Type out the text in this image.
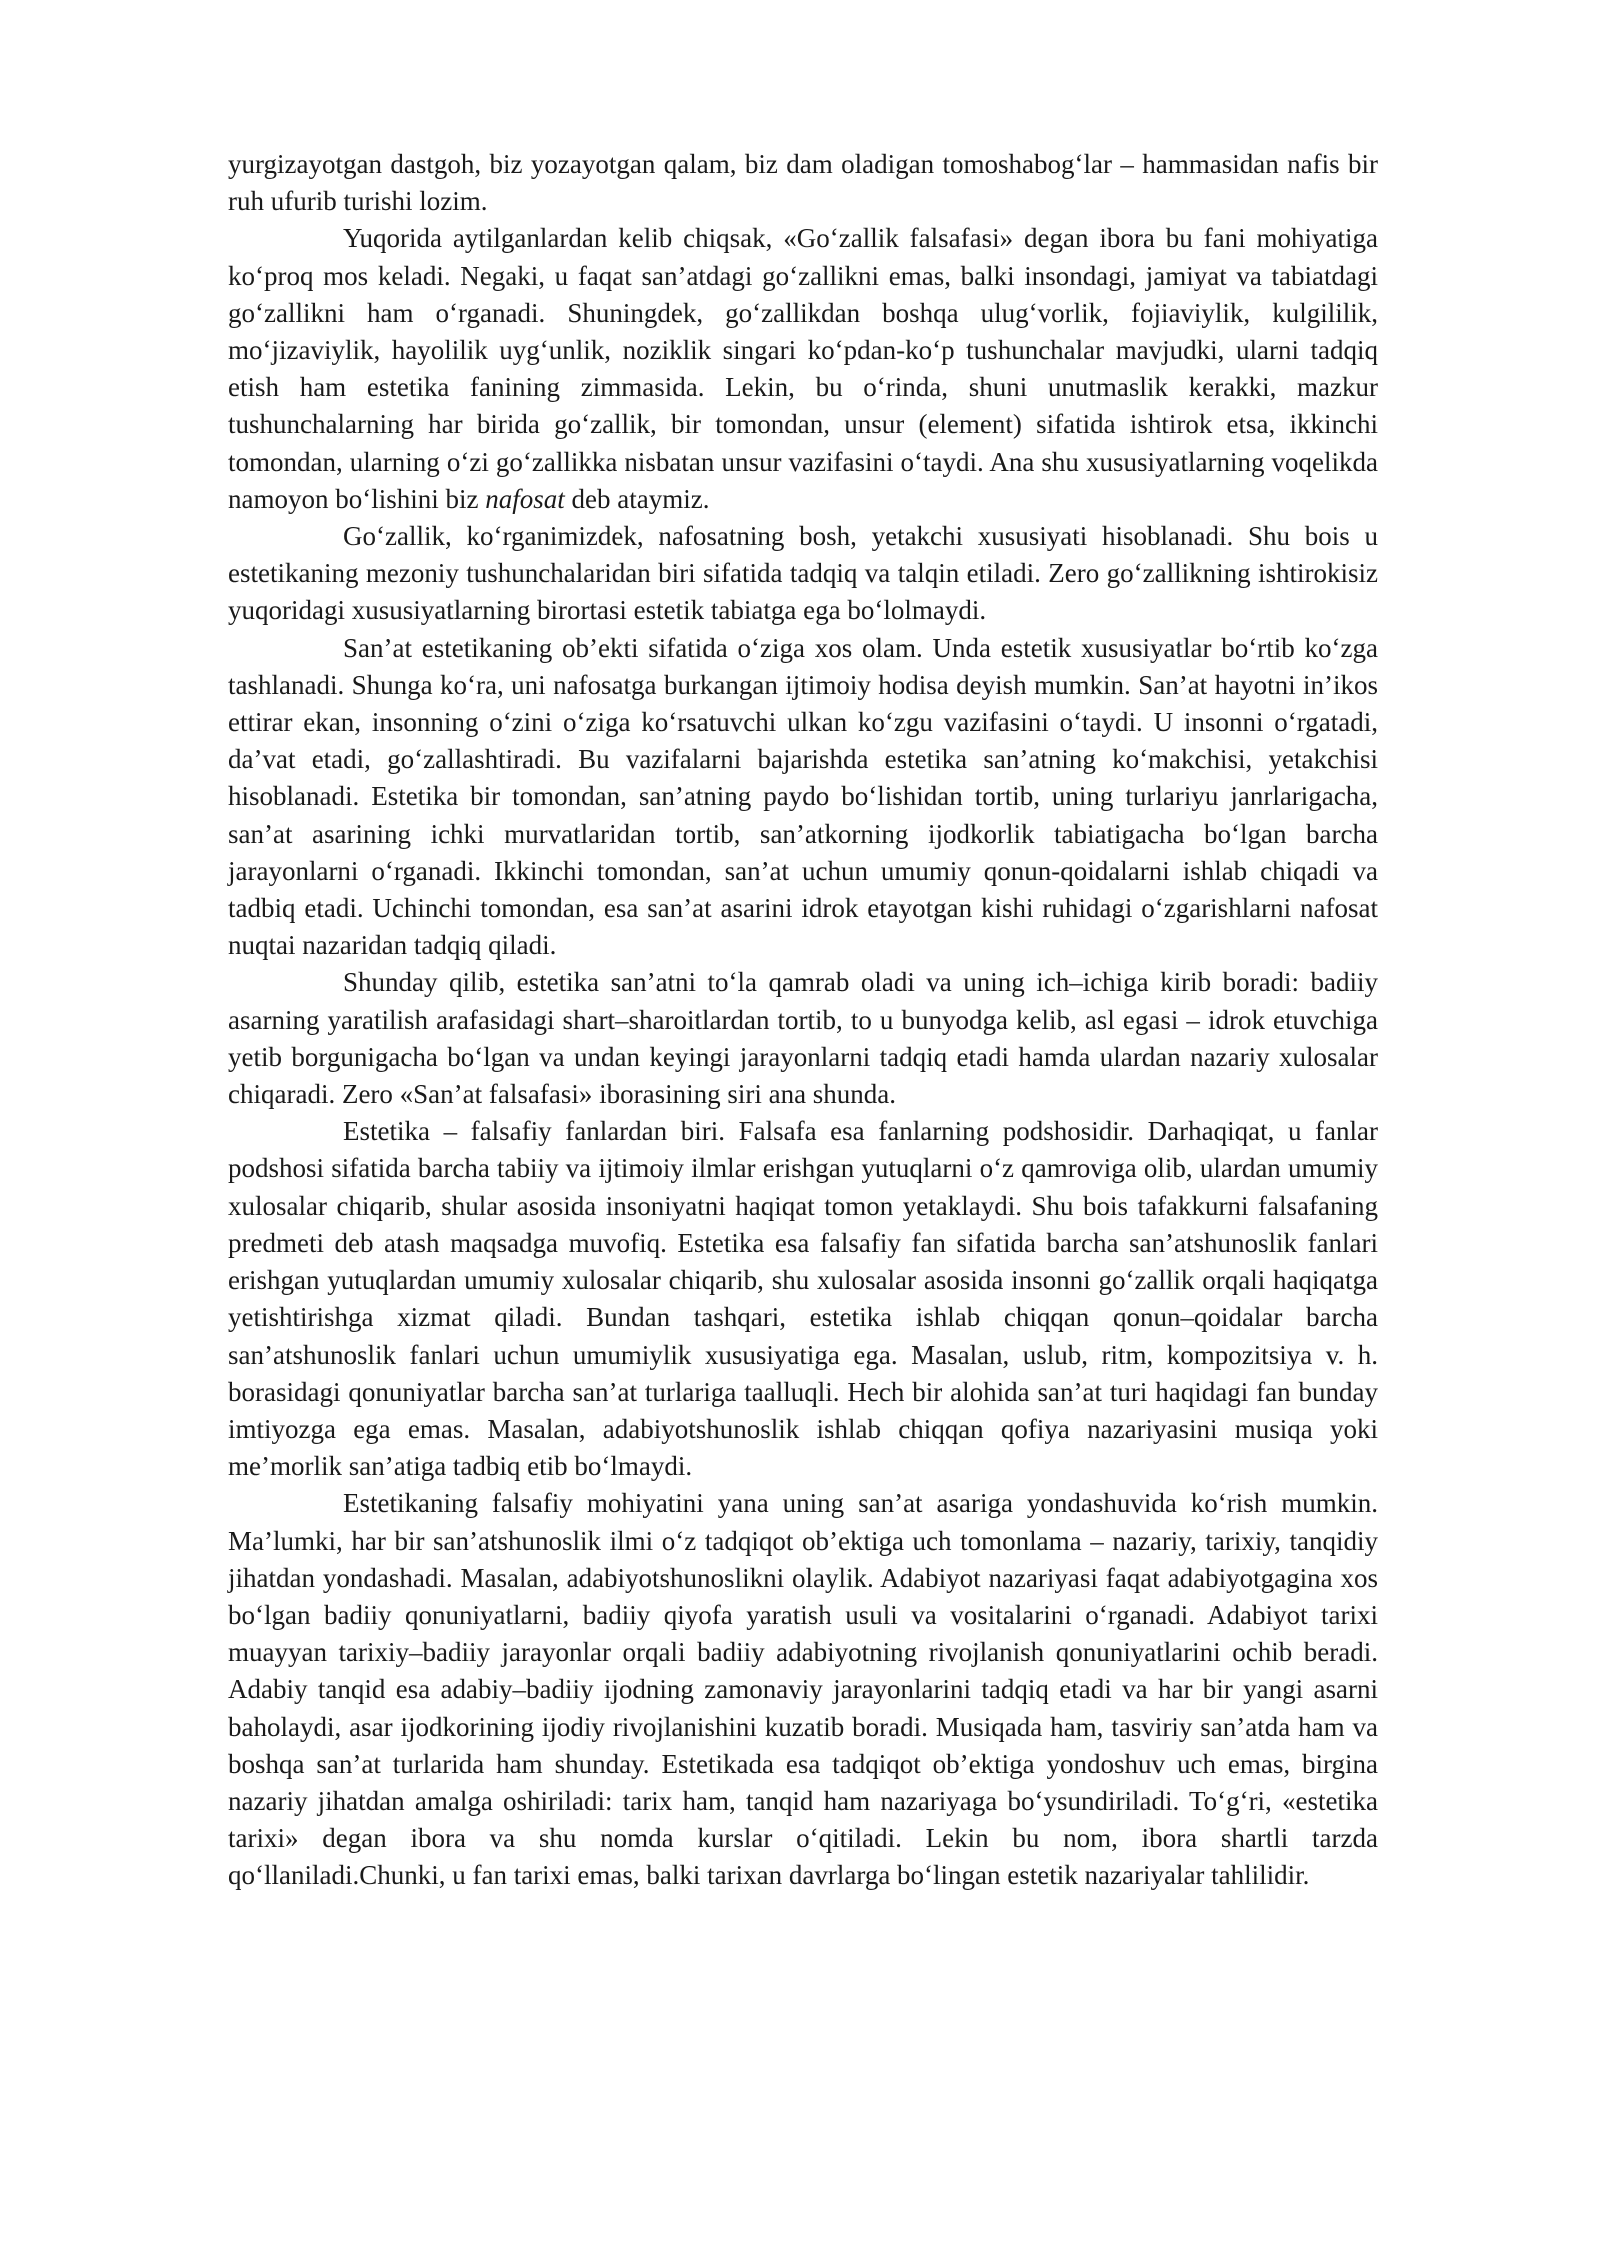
yurgizayotgan dastgoh, biz yozayotgan qalam, biz dam oladigan tomoshabog‘lar – hammasidan nafis bir ruh ufurib turishi lozim.

Yuqorida aytilganlardan kelib chiqsak, «Go‘zallik falsafasi» degan ibora bu fani mohiyatiga ko‘proq mos keladi. Negaki, u faqat san’atdagi go‘zallikni emas, balki insondagi, jamiyat va tabiatdagi go‘zallikni ham o‘rganadi. Shuningdek, go‘zallikdan boshqa ulug‘vorlik, fojiaviylik, kulgililik, mo‘jizaviylik, hayolilik uyg‘unlik, noziklik singari ko‘pdan-ko‘p tushunchalar mavjudki, ularni tadqiq etish ham estetika fanining zimmasida. Lekin, bu o‘rinda, shuni unutmaslik kerakki, mazkur tushunchalarning har birida go‘zallik, bir tomondan, unsur (element) sifatida ishtirok etsa, ikkinchi tomondan, ularning o‘zi go‘zallikka nisbatan unsur vazifasini o‘taydi. Ana shu xususiyatlarning voqelikda namoyon bo‘lishini biz nafosat deb ataymiz.

Go‘zallik, ko‘rganimizdek, nafosatning bosh, yetakchi xususiyati hisoblanadi. Shu bois u estetikaning mezoniy tushunchalaridan biri sifatida tadqiq va talqin etiladi. Zero go‘zallikning ishtirokisiz yuqoridagi xususiyatlarning birortasi estetik tabiatga ega bo‘lolmaydi.

San’at estetikaning ob’ekti sifatida o‘ziga xos olam. Unda estetik xususiyatlar bo‘rtib ko‘zga tashlanadi. Shunga ko‘ra, uni nafosatga burkangan ijtimoiy hodisa deyish mumkin. San’at hayotni in’ikos ettirar ekan, insonning o‘zini o‘ziga ko‘rsatuvchi ulkan ko‘zgu vazifasini o‘taydi. U insonni o‘rgatadi, da’vat etadi, go‘zallashtiradi. Bu vazifalarni bajarishda estetika san’atning ko‘makchisi, yetakchisi hisoblanadi. Estetika bir tomondan, san’atning paydo bo‘lishidan tortib, uning turlariyu janrlarigacha, san’at asarining ichki murvatlaridan tortib, san’atkorning ijodkorlik tabiatigacha bo‘lgan barcha jarayonlarni o‘rganadi. Ikkinchi tomondan, san’at uchun umumiy qonun-qoidalarni ishlab chiqadi va tadbiq etadi. Uchinchi tomondan, esa san’at asarini idrok etayotgan kishi ruhidagi o‘zgarishlarni nafosat nuqtai nazaridan tadqiq qiladi.

Shunday qilib, estetika san’atni to‘la qamrab oladi va uning ich–ichiga kirib boradi: badiiy asarning yaratilish arafasidagi shart–sharoitlardan tortib, to u bunyodga kelib, asl egasi – idrok etuvchiga yetib borgunigacha bo‘lgan va undan keyingi jarayonlarni tadqiq etadi hamda ulardan nazariy xulosalar chiqaradi. Zero «San’at falsafasi» iborasining siri ana shunda.

Estetika – falsafiy fanlardan biri. Falsafa esa fanlarning podshosidir. Darhaqiqat, u fanlar podshosi sifatida barcha tabiiy va ijtimoiy ilmlar erishgan yutuqlarni o‘z qamroviga olib, ulardan umumiy xulosalar chiqarib, shular asosida insoniyatni haqiqat tomon yetaklaydi. Shu bois tafakkurni falsafaning predmeti deb atash maqsadga muvofiq. Estetika esa falsafiy fan sifatida barcha san’atshunoslik fanlari erishgan yutuqlardan umumiy xulosalar chiqarib, shu xulosalar asosida insonni go‘zallik orqali haqiqatga yetishtirishga xizmat qiladi. Bundan tashqari, estetika ishlab chiqqan qonun–qoidalar barcha san’atshunoslik fanlari uchun umumiylik xususiyatiga ega. Masalan, uslub, ritm, kompozitsiya v. h. borasidagi qonuniyatlar barcha san’at turlariga taalluqli. Hech bir alohida san’at turi haqidagi fan bunday imtiyozga ega emas. Masalan, adabiyotshunoslik ishlab chiqqan qofiya nazariyasini musiqa yoki me’morlik san’atiga tadbiq etib bo‘lmaydi.

Estetikaning falsafiy mohiyatini yana uning san’at asariga yondashuvida ko‘rish mumkin. Ma’lumki, har bir san’atshunoslik ilmi o‘z tadqiqot ob’ektiga uch tomonlama – nazariy, tarixiy, tanqidiy jihatdan yondashadi. Masalan, adabiyotshunoslikni olaylik. Adabiyot nazariyasi faqat adabiyotgagina xos bo‘lgan badiiy qonuniyatlarni, badiiy qiyofa yaratish usuli va vositalarini o‘rganadi. Adabiyot tarixi muayyan tarixiy–badiiy jarayonlar orqali badiiy adabiyotning rivojlanish qonuniyatlarini ochib beradi. Adabiy tanqid esa adabiy–badiiy ijodning zamonaviy jarayonlarini tadqiq etadi va har bir yangi asarni baholaydi, asar ijodkorining ijodiy rivojlanishini kuzatib boradi. Musiqada ham, tasviriy san’atda ham va boshqa san’at turlarida ham shunday. Estetikada esa tadqiqot ob’ektiga yondoshuv uch emas, birgina nazariy jihatdan amalga oshiriladi: tarix ham, tanqid ham nazariyaga bo‘ysundiriladi. To‘g‘ri, «estetika tarixi» degan ibora va shu nomda kurslar o‘qitiladi. Lekin bu nom, ibora shartli tarzda qo‘llaniladi.Chunki, u fan tarixi emas, balki tarixan davrlarga bo‘lingan estetik nazariyalar tahlilidir.
